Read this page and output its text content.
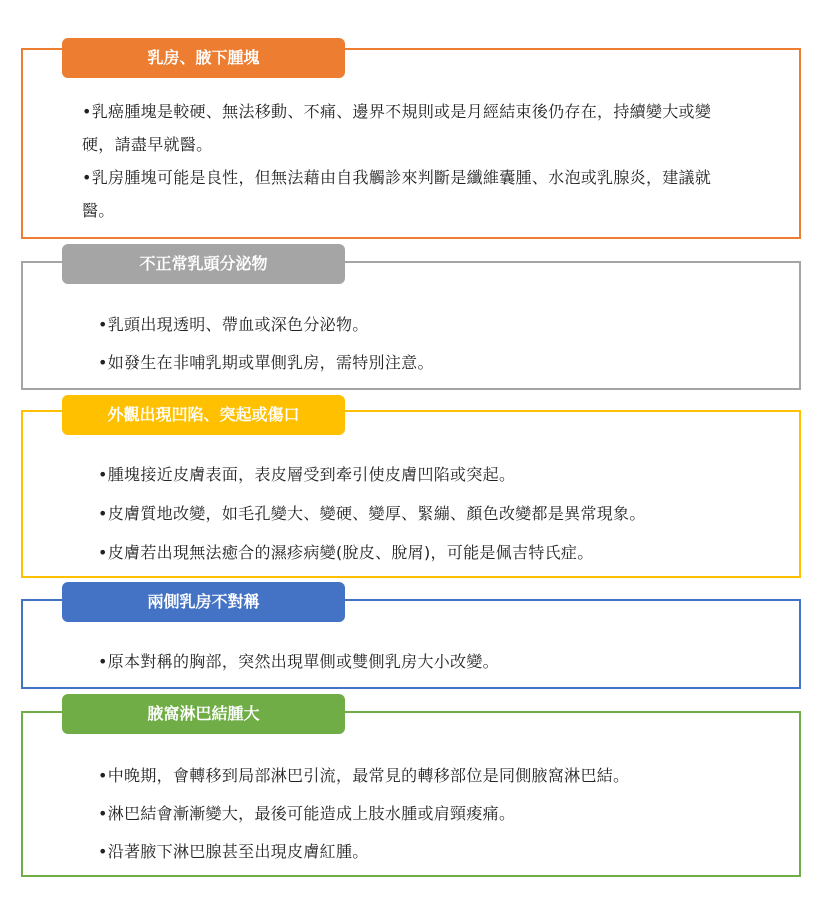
乳房、腋下腫塊
•乳癌腫塊是較硬、無法移動、不痛、邊界不規則或是月經結束後仍存在，持續變大或變硬，請盡早就醫。
•乳房腫塊可能是良性，但無法藉由自我觸診來判斷是纖維囊腫、水泡或乳腺炎，建議就醫。
不正常乳頭分泌物
•乳頭出現透明、帶血或深色分泌物。
•如發生在非哺乳期或單側乳房，需特別注意。
外觀出現凹陷、突起或傷口
•腫塊接近皮膚表面，表皮層受到牽引使皮膚凹陷或突起。
•皮膚質地改變，如毛孔變大、變硬、變厚、緊繃、顏色改變都是異常現象。
•皮膚若出現無法癒合的濕疹病變(脫皮、脫屑)，可能是佩吉特氏症。
兩側乳房不對稱
•原本對稱的胸部，突然出現單側或雙側乳房大小改變。
腋窩淋巴結腫大
•中晚期，會轉移到局部淋巴引流，最常見的轉移部位是同側腋窩淋巴結。
•淋巴結會漸漸變大，最後可能造成上肢水腫或肩頸痠痛。
•沿著腋下淋巴腺甚至出現皮膚紅腫。
